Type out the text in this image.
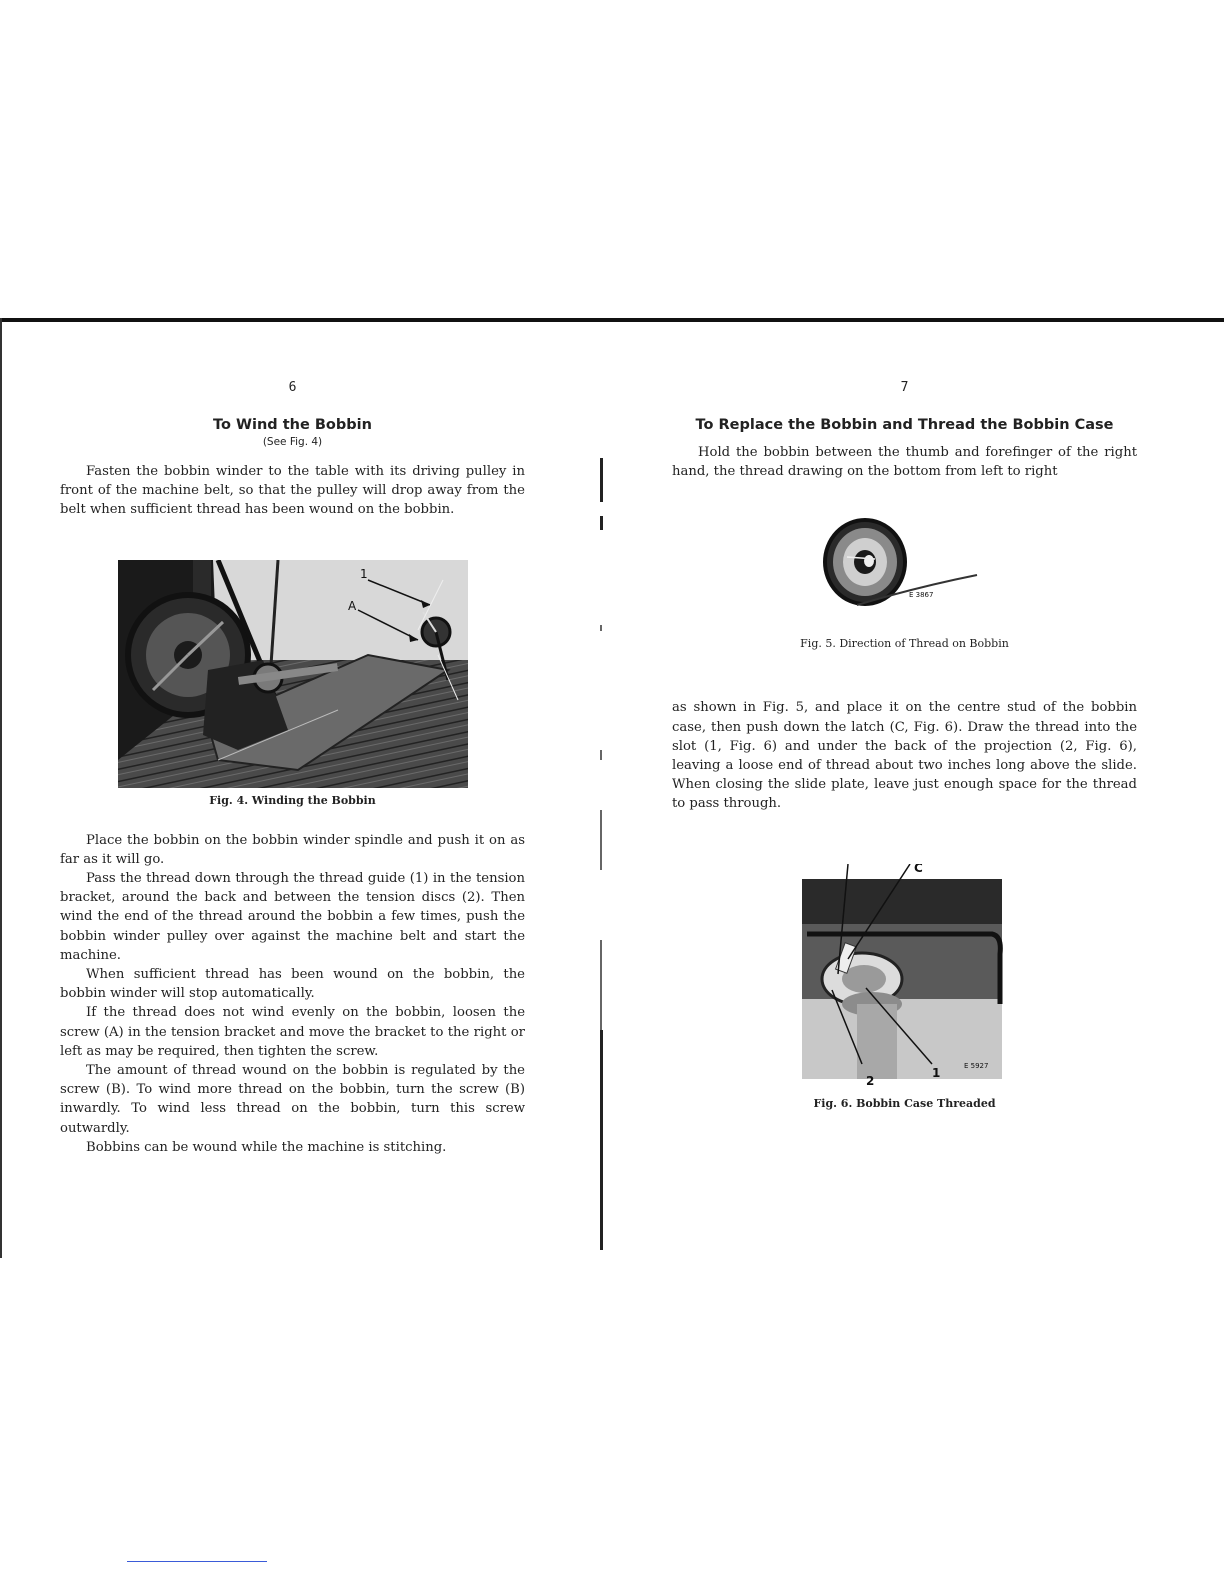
6
To Wind the Bobbin
(See Fig. 4)

Fasten the bobbin winder to the table with its driving pulley in front of the machine belt, so that the pulley will drop away from the belt when sufficient thread has been wound on the bobbin.

1
A
Fig. 4. Winding the Bobbin

Place the bobbin on the bobbin winder spindle and push it on as far as it will go.

Pass the thread down through the thread guide (1) in the tension bracket, around the back and between the tension discs (2). Then wind the end of the thread around the bobbin a few times, push the bobbin winder pulley over against the machine belt and start the machine.

When sufficient thread has been wound on the bobbin, the bobbin winder will stop automatically.

If the thread does not wind evenly on the bobbin, loosen the screw (A) in the tension bracket and move the bracket to the right or left as may be required, then tighten the screw.

The amount of thread wound on the bobbin is regulated by the screw (B). To wind more thread on the bobbin, turn the screw (B) inwardly. To wind less thread on the bobbin, turn this screw outwardly.

Bobbins can be wound while the machine is stitching.

7
To Replace the Bobbin and Thread the Bobbin Case

Hold the bobbin between the thumb and forefinger of the right hand, the thread drawing on the bottom from left to right

E 3867
Fig. 5. Direction of Thread on Bobbin

as shown in Fig. 5, and place it on the centre stud of the bobbin case, then push down the latch (C, Fig. 6). Draw the thread into the slot (1, Fig. 6) and under the back of the projection (2, Fig. 6), leaving a loose end of thread about two inches long above the slide. When closing the slide plate, leave just enough space for the thread to pass through.

C
1
2
E 5927
Fig. 6. Bobbin Case Threaded
